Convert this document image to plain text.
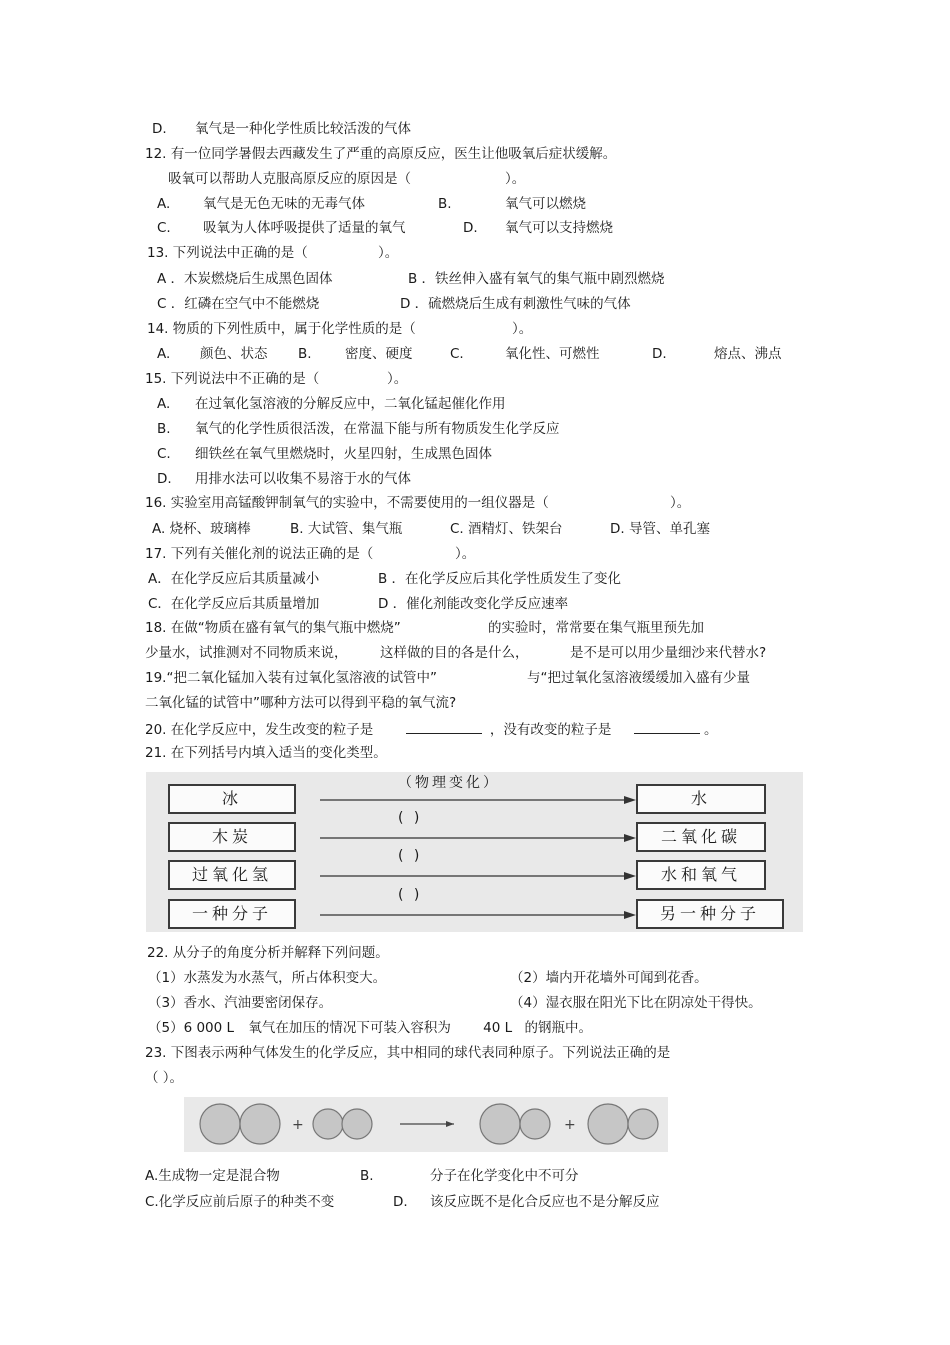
D. 氧气是一种化学性质比较活泼的气体
12. 有一位同学暑假去西藏发生了严重的高原反应，医生让他吸氧后症状缓解。
吸氧可以帮助人克服高原反应的原因是（	）。
A. 氧气是无色无味的无毒气体	B.	氧气可以燃烧
C. 吸氧为人体呼吸提供了适量的氧气	D. 氧气可以支持燃烧
13. 下列说法中正确的是（	）。
A ．木炭燃烧后生成黑色固体	B ．铁丝伸入盛有氧气的集气瓶中剧烈燃烧
C ．红磷在空气中不能燃烧	D ．硫燃烧后生成有刺激性气味的气体
14. 物质的下列性质中，属于化学性质的是（	）。
A. 颜色、状态 B. 密度、硬度	C.	氧化性、可燃性	D.	熔点、沸点
15. 下列说法中不正确的是（	）。
A. 在过氧化氢溶液的分解反应中，二氧化锰起催化作用
B. 氧气的化学性质很活泼，在常温下能与所有物质发生化学反应
C. 细铁丝在氧气里燃烧时，火星四射，生成黑色固体
D. 用排水法可以收集不易溶于水的气体
16. 实验室用高锰酸钾制氧气的实验中，不需要使用的一组仪器是（	）。
A. 烧杯、玻璃棒	B. 大试管、集气瓶	C. 酒精灯、铁架台	D. 导管、单孔塞
17. 下列有关催化剂的说法正确的是（	）。
A．在化学反应后其质量减小	B ．在化学反应后其化学性质发生了变化
C．在化学反应后其质量增加	D ．催化剂能改变化学反应速率
18. 在做“物质在盛有氧气的集气瓶中燃烧”	的实验时，常常要在集气瓶里预先加
少量水，试推测对不同物质来说， 这样做的目的各是什么，	是不是可以用少量细沙来代替水?
19.“把二氧化锰加入装有过氧化氢溶液的试管中”	与“把过氧化氢溶液缓缓加入盛有少量
二氧化锰的试管中”哪种方法可以得到平稳的氧气流?
20. 在化学反应中，发生改变的粒子是	，没有改变的粒子是	。
21. 在下列括号内填入适当的变化类型。
冰	水
（物理变化）
木炭	二氧化碳
( )
过氧化氢	水和氧气
( )
一种分子	另一种分子
( )
22. 从分子的角度分析并解释下列问题。
（1）水蒸发为水蒸气，所占体积变大。	（2）墙内开花墙外可闻到花香。
（3）香水、汽油要密闭保存。	（4）湿衣服在阳光下比在阴凉处干得快。
（5）6 000 L 氧气在加压的情况下可装入容积为 40 L 的钢瓶中。
23. 下图表示两种气体发生的化学反应，其中相同的球代表同种原子。下列说法正确的是
（ ）。
+	+
A.生成物一定是混合物	B.	分子在化学变化中不可分
C.化学反应前后原子的种类不变	D. 该反应既不是化合反应也不是分解反应
